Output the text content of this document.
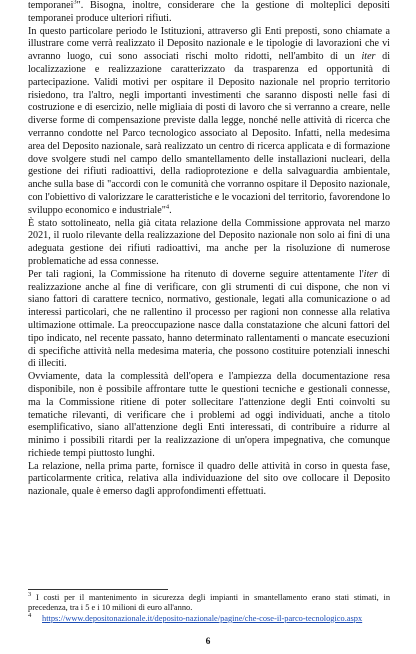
temporanei$^3$". Bisogna, inoltre, considerare che la gestione di molteplici depositi temporanei produce ulteriori rifiuti.

In questo particolare periodo le Istituzioni, attraverso gli Enti preposti, sono chiamate a illustrare come verrà realizzato il Deposito nazionale e le tipologie di lavorazioni che vi avranno luogo, cui sono associati rischi molto ridotti, nell'ambito di un iter di localizzazione e realizzazione caratterizzato da trasparenza ed opportunità di partecipazione. Validi motivi per ospitare il Deposito nazionale nel proprio territorio risiedono, tra l'altro, negli importanti investimenti che saranno disposti nelle fasi di costruzione e di esercizio, nelle migliaia di posti di lavoro che si verranno a creare, nelle diverse forme di compensazione previste dalla legge, nonché nelle attività di ricerca che verranno condotte nel Parco tecnologico associato al Deposito. Infatti, nella medesima area del Deposito nazionale, sarà realizzato un centro di ricerca applicata e di formazione dove svolgere studi nel campo dello smantellamento delle installazioni nucleari, della gestione dei rifiuti radioattivi, della radioprotezione e della salvaguardia ambientale, anche sulla base di "accordi con le comunità che vorranno ospitare il Deposito nazionale, con l'obiettivo di valorizzare le caratteristiche e le vocazioni del territorio, favorendone lo sviluppo economico e industriale"$^4$.

È stato sottolineato, nella già citata relazione della Commissione approvata nel marzo 2021, il ruolo rilevante della realizzazione del Deposito nazionale non solo ai fini di una adeguata gestione dei rifiuti radioattivi, ma anche per la risoluzione di numerose problematiche ad essa connesse.

Per tali ragioni, la Commissione ha ritenuto di doverne seguire attentamente l'iter di realizzazione anche al fine di verificare, con gli strumenti di cui dispone, che non vi siano fattori di carattere tecnico, normativo, gestionale, legati alla comunicazione o ad interessi particolari, che ne rallentino il processo per ragioni non connesse alla relativa ultimazione ottimale. La preoccupazione nasce dalla constatazione che alcuni fattori del tipo indicato, nel recente passato, hanno determinato rallentamenti o mancate esecuzioni di specifiche attività nella medesima materia, che possono costituire potenziali inneschi di illeciti.

Ovviamente, data la complessità dell'opera e l'ampiezza della documentazione resa disponibile, non è possibile affrontare tutte le questioni tecniche e gestionali connesse, ma la Commissione ritiene di poter sollecitare l'attenzione degli Enti coinvolti su tematiche rilevanti, di verificare che i problemi ad oggi individuati, anche a titolo esemplificativo, siano all'attenzione degli Enti interessati, di contribuire a ridurre al minimo i possibili ritardi per la realizzazione di un'opera impegnativa, che comunque richiede tempi piuttosto lunghi.

La relazione, nella prima parte, fornisce il quadro delle attività in corso in questa fase, particolarmente critica, relativa alla individuazione del sito ove collocare il Deposito nazionale, quale è emerso dagli approfondimenti effettuati.

$^3$ I costi per il mantenimento in sicurezza degli impianti in smantellamento erano stati stimati, in precedenza, tra i 5 e i 10 milioni di euro all'anno.

$^4$ https://www.depositonazionale.it/deposito-nazionale/pagine/che-cose-il-parco-tecnologico.aspx

6
